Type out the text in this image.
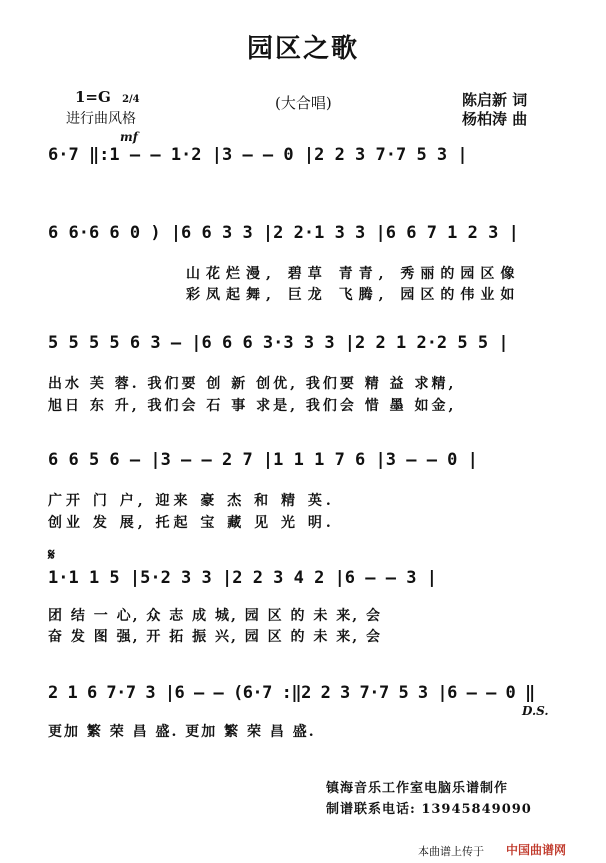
园区之歌
1=G 2/4
进行曲风格
(大合唱)	陈启新 词
杨柏涛 曲
mf
6·7 ‖:1 — — 1·2 |3 — — 0 |2 2 3 7·7 5 3 |
6 6·6 6 0 ) |6 6 3 3 |2 2·1 3 3 |6 6 7 1 2 3 |
山花烂漫, 碧草 青青, 秀丽的园区像
彩凤起舞, 巨龙 飞腾, 园区的伟业如
5 5 5 5 6 3 — |6 6 6 3·3 3 3 |2 2 1 2·2 5 5 |
出水 芙 蓉. 我们要 创 新 创优, 我们要 精 益 求精,
旭日 东 升, 我们会 石 事 求是, 我们会 惜 墨 如金,
6 6 5 6 — |3 — — 2 7 |1 1 1 7 6 |3 — — 0 |
广开 门 户, 迎来 豪 杰 和 精 英.
创业 发 展, 托起 宝 藏 见 光 明.
𝄋
1·1 1 5 |5·2 3 3 |2 2 3 4 2 |6 — — 3 |
团 结 一 心, 众 志 成 城, 园 区 的 未 来, 会
奋 发 图 强, 开 拓 振 兴, 园 区 的 未 来, 会
2 1 6 7·7 3 |6 — — (6·7 :‖2 2 3 7·7 5 3 |6 — — 0 ‖
D.S.
更加 繁 荣 昌 盛. 更加 繁 荣 昌 盛.
镇海音乐工作室电脑乐谱制作
制谱联系电话: 13945849090
本曲谱上传于 中国曲谱网
